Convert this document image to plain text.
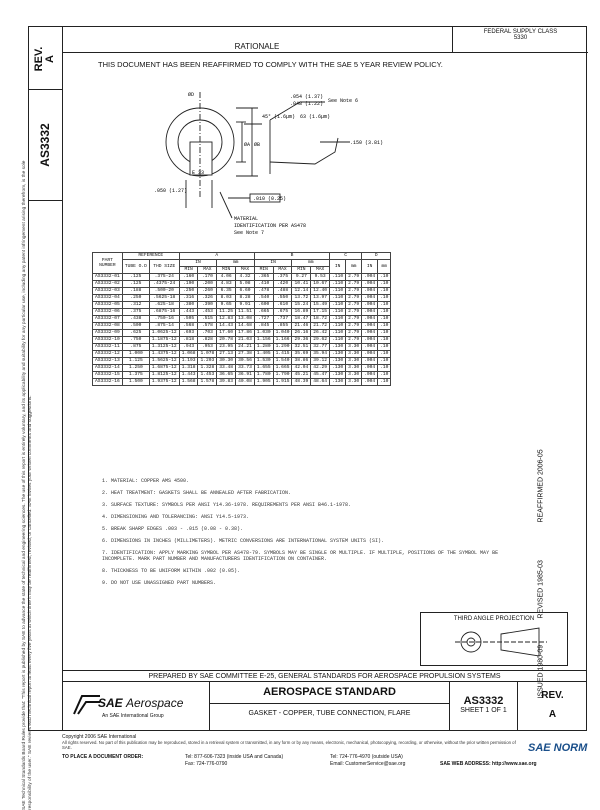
REV.
A
AS3332
SAE Technical Standards Board Rules provide that: "This report is published by SAE to advance the state of technical and engineering sciences. The use of this report is entirely voluntary, and its applicability and suitability for any particular use, including any patent infringement arising therefrom, is the sole responsibility of the user." SAE reviews each technical report at least every five years at which time it may be reaffirmed, revised, or cancelled. SAE invites your written comments and suggestions.
FEDERAL SUPPLY CLASS
5330
RATIONALE
THIS DOCUMENT HAS BEEN REAFFIRMED TO COMPLY WITH THE SAE 5 YEAR REVIEW POLICY.
.054 (1.37)
.048 (1.22) See Note 6
45° (1.6µm) 63 (1.6µm)
ØA ØB
ØD
.150 (3.81)
E 33
.050 (1.27)
.010 (0.25)
MATERIAL
IDENTIFICATION PER AS478
See Note 7
PART
NUMBER	REFERENCE		A				B				C		D	
	TUBE O.D	THD SIZE	IN		mm		IN		mm		IN	mm	IN	mm
			MIN	MAX	MIN	MAX	MIN	MAX	MIN	MAX				
AS3332-01	.125	.375-24	.160	.170	4.06	4.32	.365	.375	9.27	9.53	.110	2.79	.004	.10
AS3332-02	.125	.4375-24	.190	.200	4.83	5.08	.410	.420	10.41	10.67	.110	2.79	.004	.10
AS3332-03	.188	.500-20	.250	.260	6.35	6.60	.478	.488	12.14	12.40	.110	2.79	.004	.10
AS3332-04	.250	.5625-18	.316	.326	8.03	8.28	.540	.550	13.72	13.97	.110	2.79	.004	.10
AS3332-05	.312	.625-18	.380	.390	9.65	9.91	.600	.610	15.24	15.49	.110	2.79	.004	.10
AS3332-06	.375	.6875-16	.443	.453	11.25	11.51	.665	.675	16.89	17.15	.110	2.79	.004	.10
AS3332-07	.438	.750-16	.505	.515	12.83	13.08	.727	.737	18.47	18.72	.110	2.79	.004	.10
AS3332-08	.500	.875-14	.568	.578	14.43	14.68	.845	.855	21.46	21.72	.110	2.79	.004	.10
AS3332-09	.625	1.0625-12	.693	.703	17.60	17.86	1.030	1.040	26.16	26.42	.110	2.79	.004	.10
AS3332-10	.750	1.1875-12	.818	.828	20.78	21.03	1.156	1.166	29.36	29.62	.110	2.79	.004	.10
AS3332-11	.875	1.3125-12	.943	.953	23.95	24.21	1.280	1.290	32.51	32.77	.130	3.30	.004	.10
AS3332-12	1.000	1.4375-12	1.068	1.078	27.13	27.38	1.405	1.415	35.69	35.94	.130	3.30	.004	.10
AS3332-13	1.125	1.5625-12	1.193	1.203	30.30	30.56	1.530	1.540	38.86	39.12	.130	3.30	.004	.10
AS3332-14	1.250	1.6875-12	1.318	1.328	33.48	33.73	1.655	1.665	42.04	42.29	.130	3.30	.004	.10
AS3332-15	1.375	1.8125-12	1.443	1.453	36.65	36.91	1.780	1.790	45.21	45.47	.130	3.30	.004	.10
AS3332-16	1.500	1.9375-12	1.568	1.578	39.83	40.08	1.905	1.915	48.39	48.64	.130	3.30	.004	.10
1. MATERIAL: COPPER AMS 4500.
2. HEAT TREATMENT: GASKETS SHALL BE ANNEALED AFTER FABRICATION.
3. SURFACE TEXTURE: SYMBOLS PER ANSI Y14.36-1978. REQUIREMENTS PER ANSI B46.1-1978.
4. DIMENSIONING AND TOLERANCING: ANSI Y14.5-1973.
5. BREAK SHARP EDGES .003 - .015 (0.08 - 0.38).
6. DIMENSIONS IN INCHES (MILLIMETERS). METRIC CONVERSIONS ARE INTERNATIONAL SYSTEM UNITS (SI).
7. IDENTIFICATION: APPLY MARKING SYMBOL PER AS478-79. SYMBOLS MAY BE SINGLE OR MULTIPLE. IF MULTIPLE, POSITIONS OF THE SYMBOL MAY BE INCOMPLETE. MARK PART NUMBER AND MANUFACTURERS IDENTIFICATION ON CONTAINER.
8. THICKNESS TO BE UNIFORM WITHIN .002 (0.05).
9. DO NOT USE UNASSIGNED PART NUMBERS.
REAFFIRMED 2006-05
REVISED 1985-03
ISSUED 1980-09
THIRD ANGLE PROJECTION
PREPARED BY SAE COMMITTEE E-25, GENERAL STANDARDS FOR AEROSPACE PROPULSION SYSTEMS
SAE Aerospace
An SAE International Group
AEROSPACE STANDARD
GASKET - COPPER, TUBE CONNECTION, FLARE
AS3332
SHEET 1 OF 1
REV.
A
Copyright 2006 SAE International
All rights reserved. No part of this publication may be reproduced, stored in a retrieval system or transmitted, in any form or by any means, electronic, mechanical, photocopying, recording, or otherwise, without the prior written permission of SAE.
TO PLACE A DOCUMENT ORDER:	Tel: 877-606-7323 (inside USA and Canada)	Tel: 724-776-4970 (outside USA)
Fax: 724-776-0790	Email: CustomerService@sae.org	SAE WEB ADDRESS: http://www.sae.org
SAE NORM
